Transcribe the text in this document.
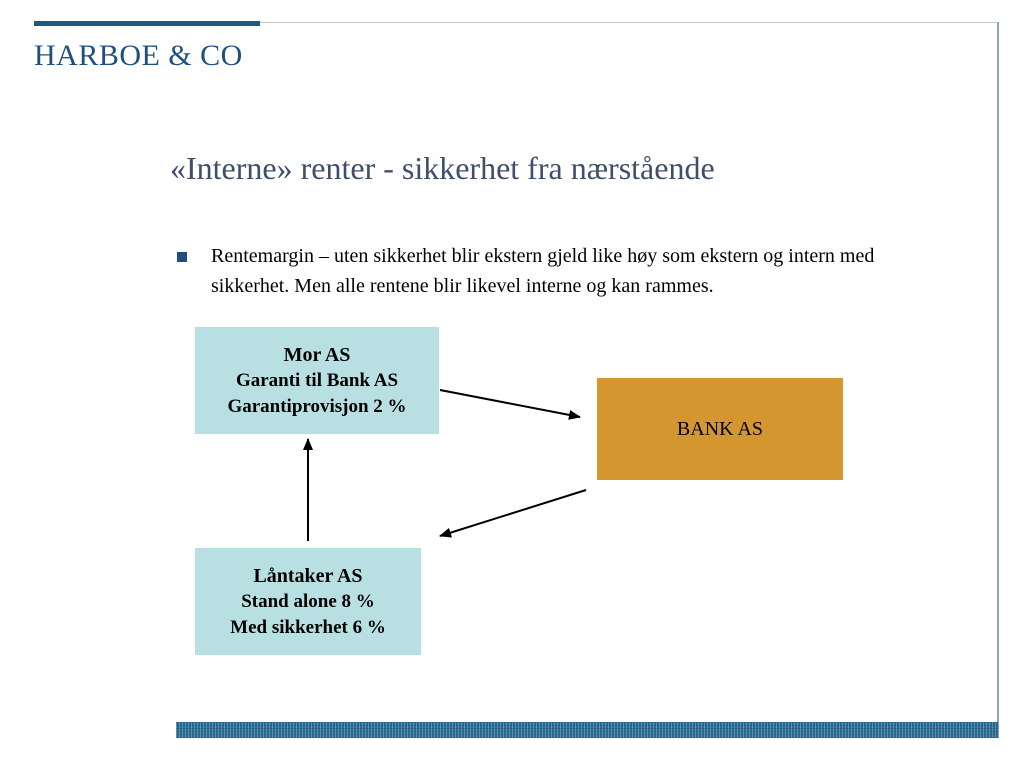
HARBOE & CO
«Interne» renter - sikkerhet fra nærstående
Rentemargin – uten sikkerhet blir ekstern gjeld like høy som ekstern og intern med sikkerhet. Men alle rentene blir likevel interne og kan rammes.
Mor AS
Garanti til Bank AS
Garantiprovisjon 2 %
BANK AS
Låntaker AS
Stand alone 8 %
Med sikkerhet 6 %
